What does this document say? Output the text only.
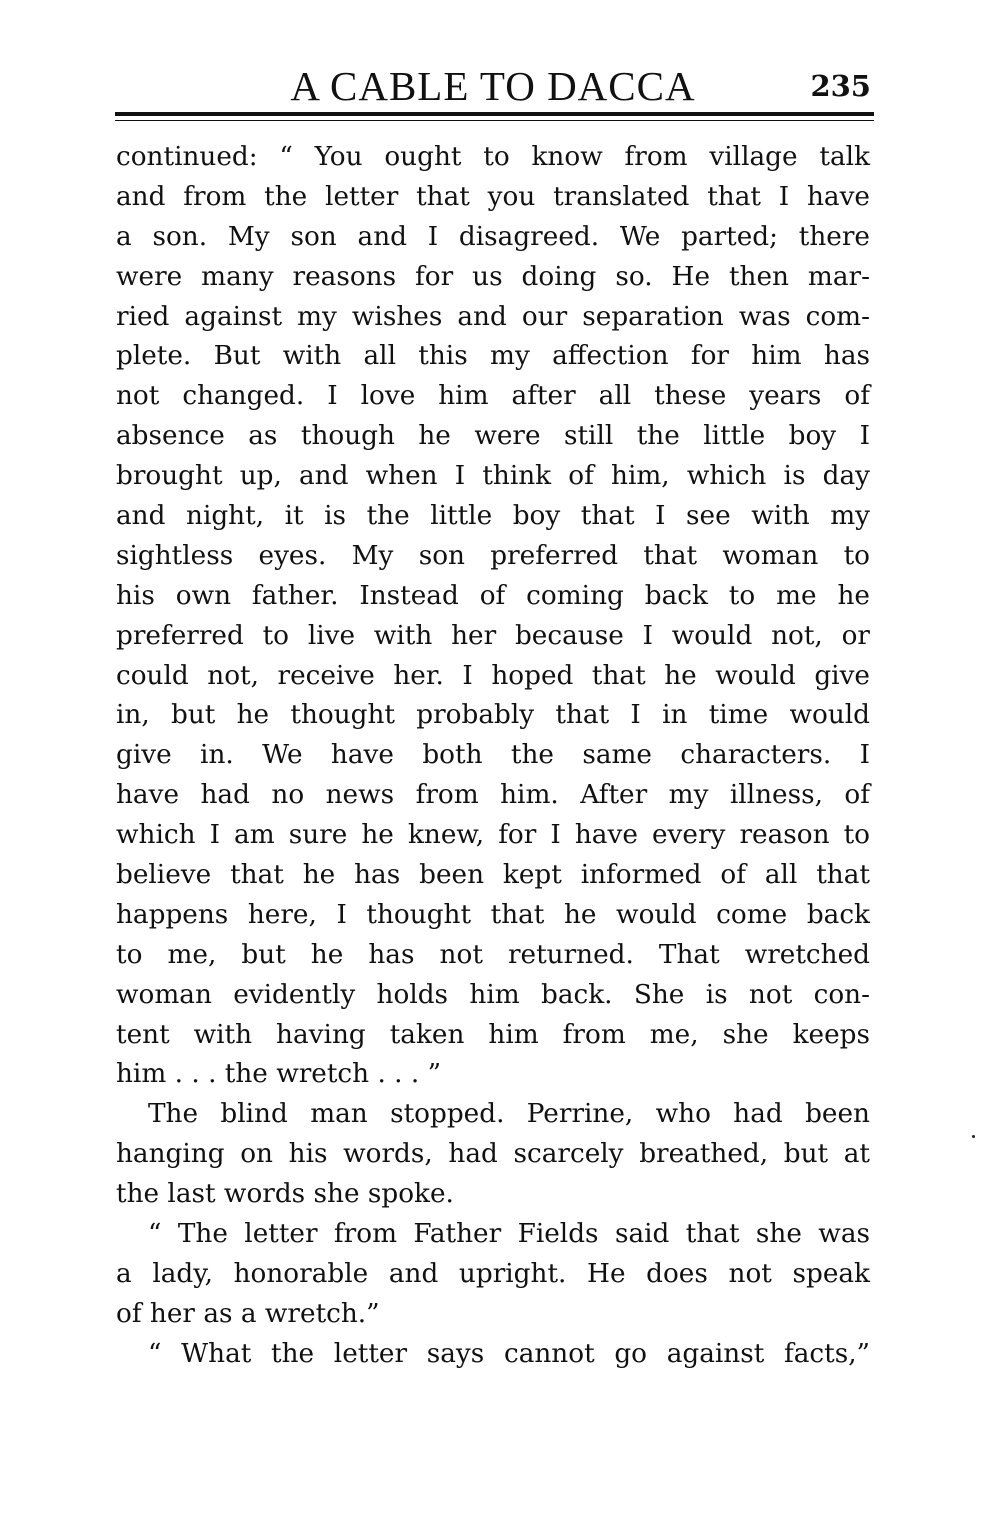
A CABLE TO DACCA	235
continued: “ You ought to know from village talk
and from the letter that you translated that I have
a son. My son and I disagreed. We parted; there
were many reasons for us doing so. He then mar-
ried against my wishes and our separation was com-
plete. But with all this my affection for him has
not changed. I love him after all these years of
absence as though he were still the little boy I
brought up, and when I think of him, which is day
and night, it is the little boy that I see with my
sightless eyes. My son preferred that woman to
his own father. Instead of coming back to me he
preferred to live with her because I would not, or
could not, receive her. I hoped that he would give
in, but he thought probably that I in time would
give in. We have both the same characters. I
have had no news from him. After my illness, of
which I am sure he knew, for I have every reason to
believe that he has been kept informed of all that
happens here, I thought that he would come back
to me, but he has not returned. That wretched
woman evidently holds him back. She is not con-
tent with having taken him from me, she keeps
him . . . the wretch . . . ”
The blind man stopped. Perrine, who had been
hanging on his words, had scarcely breathed, but at
the last words she spoke.
“ The letter from Father Fields said that she was
a lady, honorable and upright. He does not speak
of her as a wretch.”
“ What the letter says cannot go against facts,”
